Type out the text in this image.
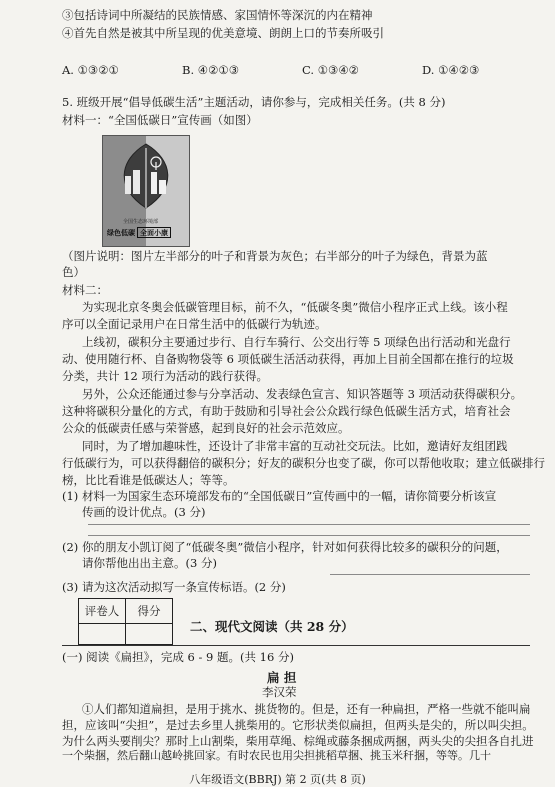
③包括诗词中所凝结的民族情感、家国情怀等深沉的内在精神
④首先自然是被其中所呈现的优美意境、朗朗上口的节奏所吸引
A. ①③②①	B. ④②①③	C. ①③④②	D. ①④②③
5. 班级开展“倡导低碳生活”主题活动，请你参与，完成相关任务。(共 8 分)
材料一：“全国低碳日”宣传画（如图）
全国生态环境部
绿色低碳 全面小康
（图片说明：图片左半部分的叶子和背景为灰色；右半部分的叶子为绿色，背景为蓝
色）
材料二：
为实现北京冬奥会低碳管理目标，前不久，“低碳冬奥”微信小程序正式上线。该小程
序可以全面记录用户在日常生活中的低碳行为轨迹。
上线初，碳积分主要通过步行、自行车骑行、公交出行等 5 项绿色出行活动和光盘行
动、使用随行杯、自备购物袋等 6 项低碳生活活动获得，再加上目前全国都在推行的垃圾
分类，共计 12 项行为活动的践行获得。
另外，公众还能通过参与分享活动、发表绿色宣言、知识答题等 3 项活动获得碳积分。
这种将碳积分量化的方式，有助于鼓励和引导社会公众践行绿色低碳生活方式，培育社会
公众的低碳责任感与荣誉感，起到良好的社会示范效应。
同时，为了增加趣味性，还设计了非常丰富的互动社交玩法。比如，邀请好友组团践
行低碳行为，可以获得翻倍的碳积分；好友的碳积分也变了碳，你可以帮他收取；建立低碳排行
榜，比比看谁是低碳达人；等等。
(1) 材料一为国家生态环境部发布的“全国低碳日”宣传画中的一幅，请你简要分析该宣
传画的设计优点。(3 分)
(2) 你的朋友小凯订阅了“低碳冬奥”微信小程序，针对如何获得比较多的碳积分的问题，
请你帮他出出主意。(3 分)
评卷人	得分

二、现代文阅读（共 28 分）
(一) 阅读《扁担》，完成 6 - 9 题。(共 16 分)
扁 担
李汉荣
①人们都知道扁担，是用于挑水、挑货物的。但是，还有一种扁担，严格一些就不能叫扁
担，应该叫“尖担”，是过去乡里人挑柴用的。它形状类似扁担，但两头是尖的，所以叫尖担。
为什么两头要削尖？那时上山割柴，柴用草绳、棕绳或藤条捆成两捆，两头尖的尖担各自扎进
一个柴捆，然后翻山越岭挑回家。有时农民也用尖担挑稻草捆、挑玉米秆捆，等等。几十
八年级语文(BBRJ) 第 2 页(共 8 页)
(3) 请为这次活动拟写一条宣传标语。(2 分)
